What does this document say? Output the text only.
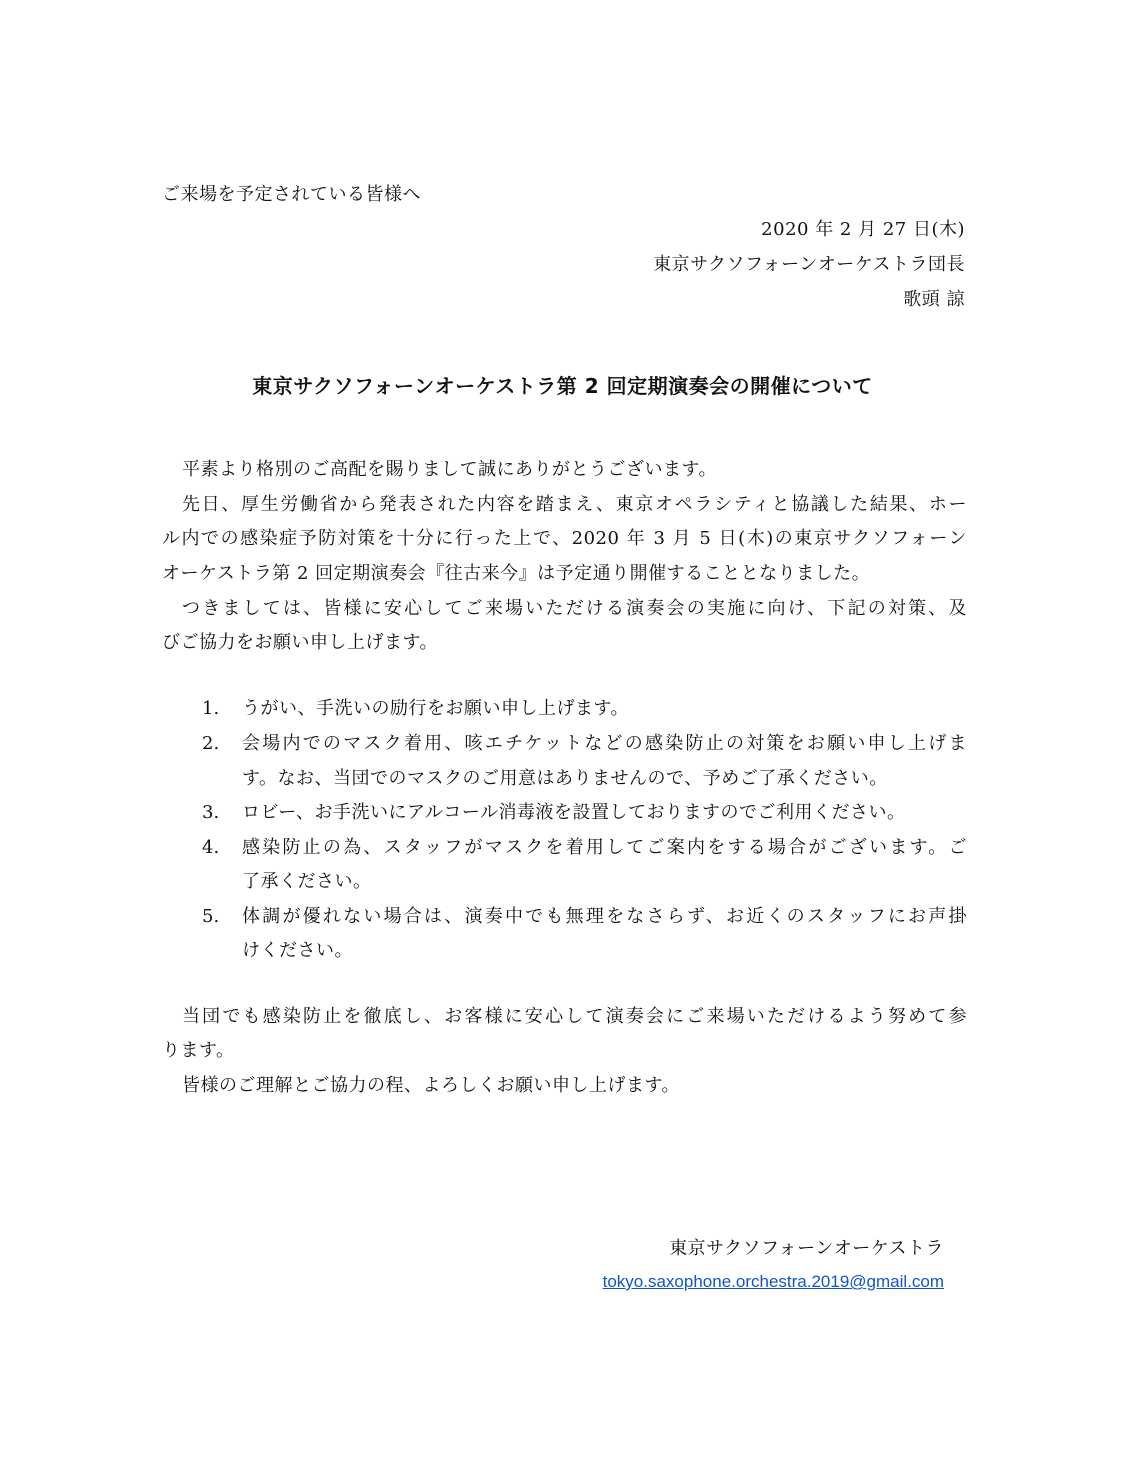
ご来場を予定されている皆様へ
2020 年 2 月 27 日(木)
東京サクソフォーンオーケストラ団長
歌頭 諒
東京サクソフォーンオーケストラ第 2 回定期演奏会の開催について
平素より格別のご高配を賜りまして誠にありがとうございます。
先日、厚生労働省から発表された内容を踏まえ、東京オペラシティと協議した結果、ホー
ル内での感染症予防対策を十分に行った上で、2020 年 3 月 5 日(木)の東京サクソフォーン
オーケストラ第 2 回定期演奏会『往古来今』は予定通り開催することとなりました。
つきましては、皆様に安心してご来場いただける演奏会の実施に向け、下記の対策、及
びご協力をお願い申し上げます。
1. うがい、手洗いの励行をお願い申し上げます。
2. 会場内でのマスク着用、咳エチケットなどの感染防止の対策をお願い申し上げま
す。なお、当団でのマスクのご用意はありませんので、予めご了承ください。
3. ロビー、お手洗いにアルコール消毒液を設置しておりますのでご利用ください。
4. 感染防止の為、スタッフがマスクを着用してご案内をする場合がございます。ご
了承ください。
5. 体調が優れない場合は、演奏中でも無理をなさらず、お近くのスタッフにお声掛
けください。
当団でも感染防止を徹底し、お客様に安心して演奏会にご来場いただけるよう努めて参
ります。
皆様のご理解とご協力の程、よろしくお願い申し上げます。
東京サクソフォーンオーケストラ
tokyo.saxophone.orchestra.2019@gmail.com
